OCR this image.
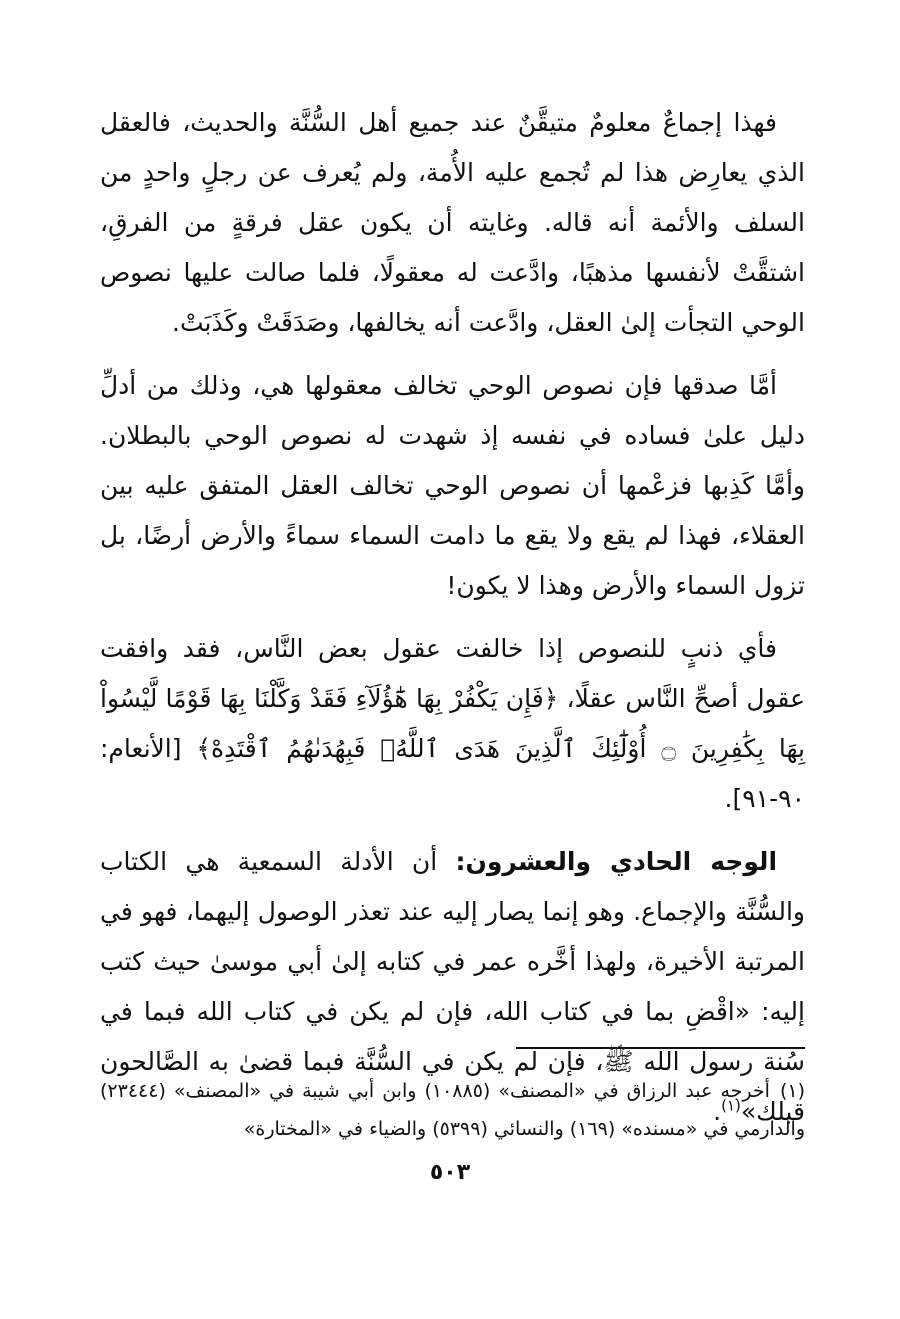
فهذا إجماعٌ معلومٌ متيقَّنٌ عند جميع أهل السُّنَّة والحديث، فالعقل الذي يعارِض هذا لم تُجمع عليه الأُمة، ولم يُعرف عن رجلٍ واحدٍ من السلف والأئمة أنه قاله. وغايته أن يكون عقل فرقةٍ من الفرقِ، اشتقَّتْ لأنفسها مذهبًا، وادَّعت له معقولًا، فلما صالت عليها نصوص الوحي التجأت إلىٰ العقل، وادَّعت أنه يخالفها، وصَدَقَتْ وكَذَبَتْ.

أمَّا صدقها فإن نصوص الوحي تخالف معقولها هي، وذلك من أدلِّ دليل علىٰ فساده في نفسه إذ شهدت له نصوص الوحي بالبطلان. وأمَّا كَذِبها فزعْمها أن نصوص الوحي تخالف العقل المتفق عليه بين العقلاء، فهذا لم يقع ولا يقع ما دامت السماء سماءً والأرض أرضًا، بل تزول السماء والأرض وهذا لا يكون!

فأي ذنبٍ للنصوص إذا خالفت عقول بعض النَّاس، فقد وافقت عقول أصحِّ النَّاس عقلًا، ﴿فَإِن يَكْفُرْ بِهَا هَٰٓؤُلَآءِ فَقَدْ وَكَّلْنَا بِهَا قَوْمًا لَّيْسُواْ بِهَا بِكَٰفِرِينَ ۝ أُوْلَٰٓئِكَ ٱلَّذِينَ هَدَى ٱللَّهُۖ فَبِهُدَىٰهُمُ ٱقْتَدِهْ﴾ [الأنعام: ٩٠-٩١].

الوجه الحادي والعشرون: أن الأدلة السمعية هي الكتاب والسُّنَّة والإجماع. وهو إنما يصار إليه عند تعذر الوصول إليهما، فهو في المرتبة الأخيرة، ولهذا أخَّره عمر في كتابه إلىٰ أبي موسىٰ حيث كتب إليه: «اقْضِ بما في كتاب الله، فإن لم يكن في كتاب الله فبما في سُنة رسول الله ﷺ، فإن لم يكن في السُّنَّة فبما قضىٰ به الصَّالحون قبلك»$^{(١)}$.

(١)أخرجه عبد الرزاق في «المصنف» (١٠٨٨٥) وابن أبي شيبة في «المصنف» (٢٣٤٤٤) والدارمي في «مسنده» (١٦٩) والنسائي (٥٣٩٩) والضياء في «المختارة»
٥٠٣
